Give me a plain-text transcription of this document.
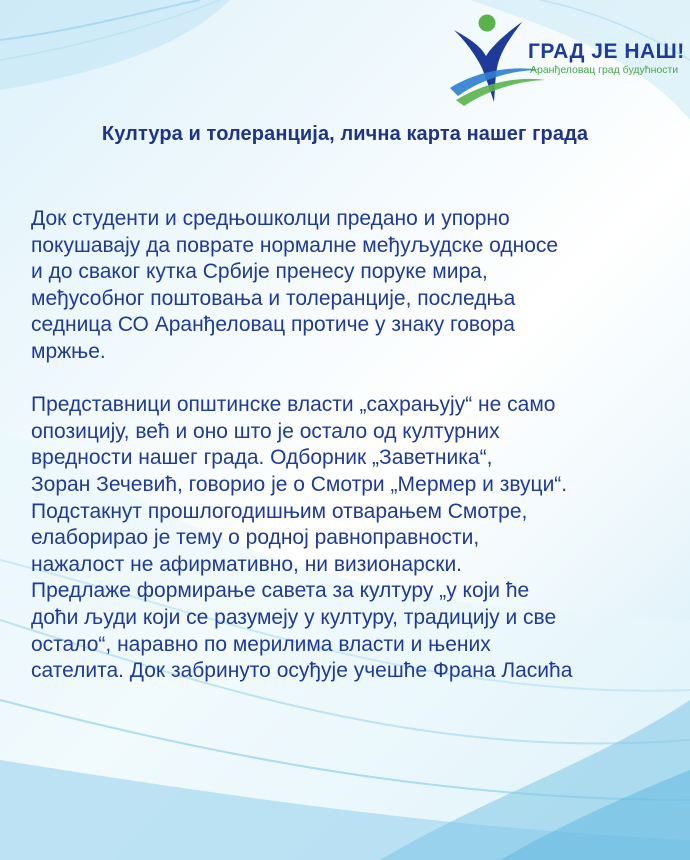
ГРАД ЈЕ НАШ!
Аранђеловац град будућности
Култура и толеранција, лична карта нашег града

Док студенти и средњошколци предано и упорно
покушавају да поврате нормалне међуљудске односе
и до сваког кутка Србије пренесу поруке мира,
међусобног поштовања и толеранције, последња
седница СО Аранђеловац протиче у знаку говора
мржње.

Представници општинске власти „сахрањују“ не само
опозицију, већ и оно што је остало од културних
вредности нашег града. Одборник „Заветника“,
Зоран Зечевић, говорио је о Смотри „Мермер и звуци“.
Подстакнут прошлогодишњим отварањем Смотре,
елаборирао је тему о родној равноправности,
нажалост не афирмативно, ни визионарски.
Предлаже формирање савета за културу „у који ће
доћи људи који се разумеју у културу, традицију и све
остало“, наравно по мерилима власти и њених
сателита. Док забринуто осуђује учешће Франа Ласића
